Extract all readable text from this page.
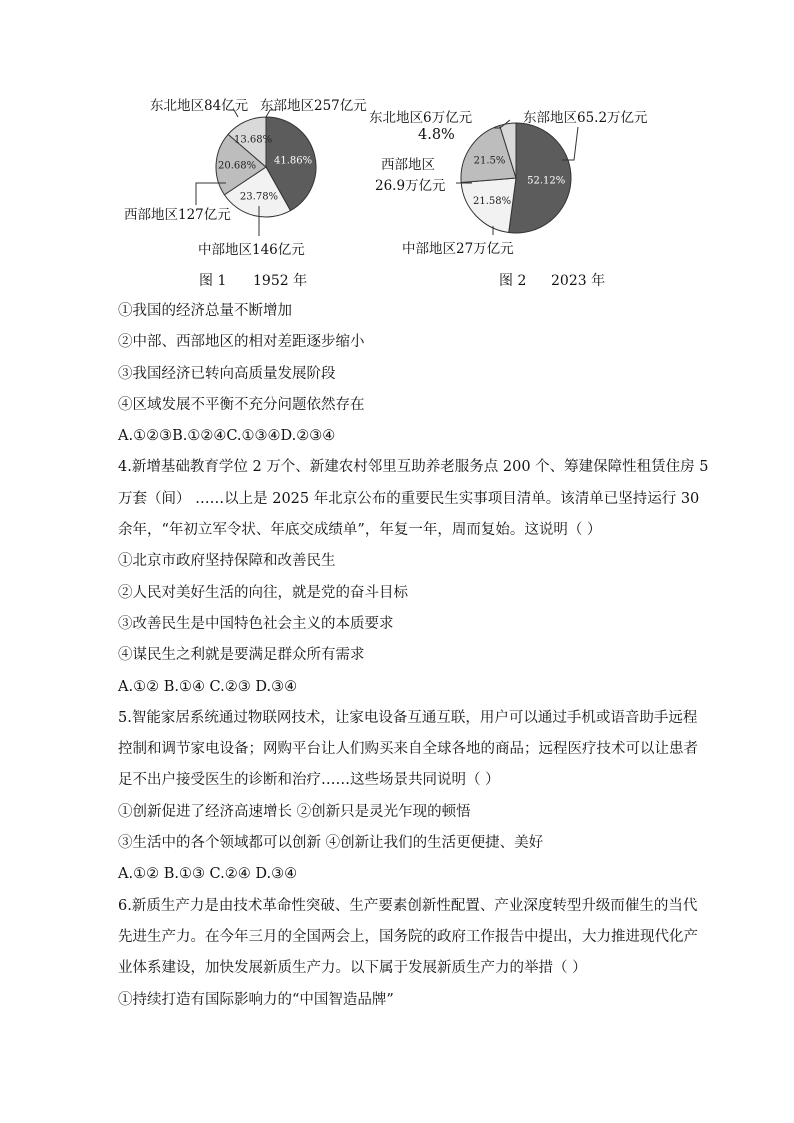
41.86%
23.78%
20.68%
13.68%
52.12%
21.58%
21.5%
东北地区84亿元 东部地区257亿元
西部地区127亿元
中部地区146亿元
东北地区6万亿元
4.8%
东部地区65.2万亿元
西部地区
26.9万亿元
中部地区27万亿元
图 1 1952 年	图 2 2023 年
①我国的经济总量不断增加
②中部、西部地区的相对差距逐步缩小
③我国经济已转向高质量发展阶段
④区域发展不平衡不充分问题依然存在
A.①②③B.①②④C.①③④D.②③④
4.新增基础教育学位 2 万个、新建农村邻里互助养老服务点 200 个、筹建保障性租赁住房 5
万套（间） ……以上是 2025 年北京公布的重要民生实事项目清单。该清单已坚持运行 30
余年，“年初立军令状、年底交成绩单”，年复一年，周而复始。这说明（ ）
①北京市政府坚持保障和改善民生
②人民对美好生活的向往，就是党的奋斗目标
③改善民生是中国特色社会主义的本质要求
④谋民生之利就是要满足群众所有需求
A.①② B.①④ C.②③ D.③④
5.智能家居系统通过物联网技术，让家电设备互通互联，用户可以通过手机或语音助手远程
控制和调节家电设备；网购平台让人们购买来自全球各地的商品；远程医疗技术可以让患者
足不出户接受医生的诊断和治疗……这些场景共同说明（ ）
①创新促进了经济高速增长 ②创新只是灵光乍现的顿悟
③生活中的各个领域都可以创新 ④创新让我们的生活更便捷、美好
A.①② B.①③ C.②④ D.③④
6.新质生产力是由技术革命性突破、生产要素创新性配置、产业深度转型升级而催生的当代
先进生产力。在今年三月的全国两会上，国务院的政府工作报告中提出，大力推进现代化产
业体系建设，加快发展新质生产力。以下属于发展新质生产力的举措（ ）
①持续打造有国际影响力的“中国智造品牌”
